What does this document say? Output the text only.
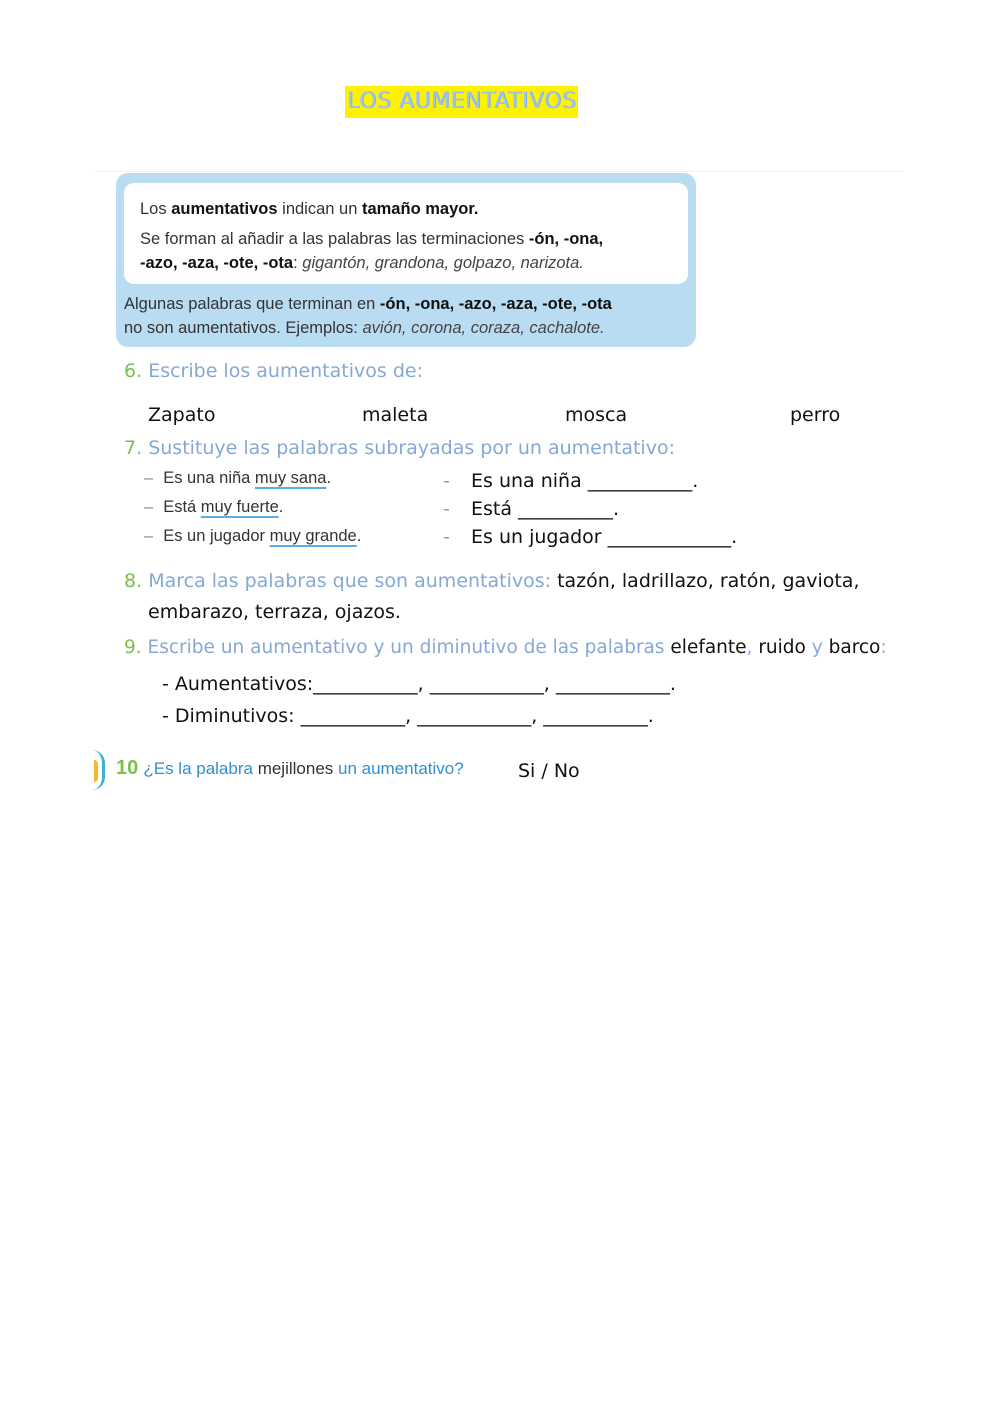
LOS AUMENTATIVOS
Los aumentativos indican un tamaño mayor.
Se forman al añadir a las palabras las terminaciones -ón, -ona,
-azo, -aza, -ote, -ota: gigantón, grandona, golpazo, narizota.
Algunas palabras que terminan en -ón, -ona, -azo, -aza, -ote, -ota
no son aumentativos. Ejemplos: avión, corona, coraza, cachalote.
6. Escribe los aumentativos de:
Zapato	maleta	mosca	perro
7. Sustituye las palabras subrayadas por un aumentativo:
– Es una niña muy sana.
– Está muy fuerte.
– Es un jugador muy grande.
- Es una niña ___________.
- Está __________.
- Es un jugador _____________.
8. Marca las palabras que son aumentativos: tazón, ladrillazo, ratón, gaviota,
embarazo, terraza, ojazos.
9. Escribe un aumentativo y un diminutivo de las palabras elefante, ruido y barco:
- Aumentativos:___________, ____________, ____________.
- Diminutivos: ___________, ____________, ___________.
10 ¿Es la palabra mejillones un aumentativo?	Si / No
